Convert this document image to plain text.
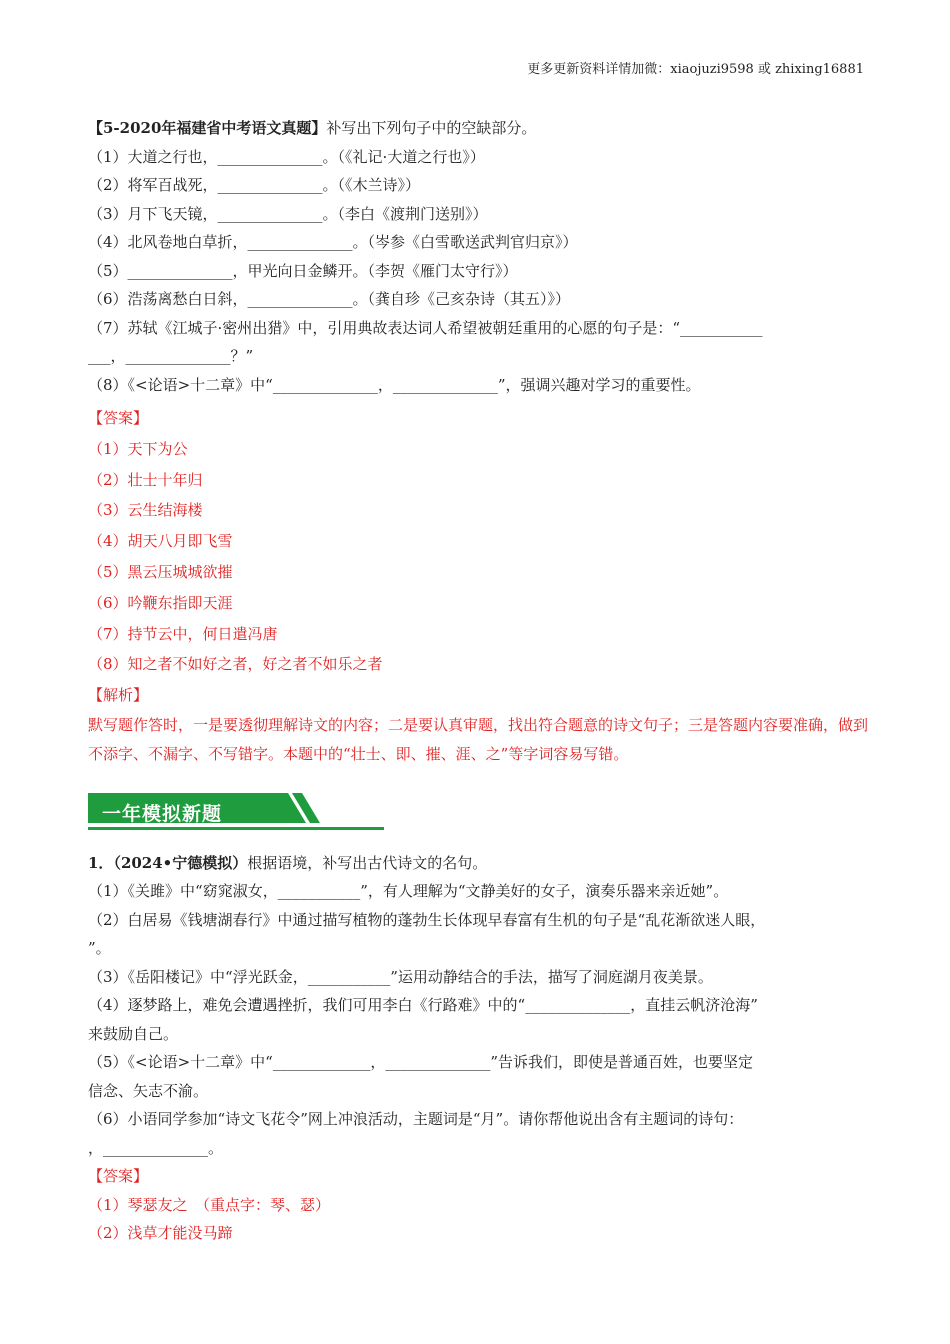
更多更新资料详情加微：xiaojuzi9598 或 zhixing16881

【5-2020年福建省中考语文真题】补写出下列句子中的空缺部分。

（1）大道之行也，______________。（《礼记·大道之行也》）

（2）将军百战死，______________。（《木兰诗》）

（3）月下飞天镜，______________。（李白《渡荆门送别》）

（4）北风卷地白草折，______________。（岑参《白雪歌送武判官归京》）

（5）______________，甲光向日金鳞开。（李贺《雁门太守行》）

（6）浩荡离愁白日斜，______________。（龚自珍《己亥杂诗（其五）》）

（7）苏轼《江城子·密州出猎》中，引用典故表达词人希望被朝廷重用的心愿的句子是：“___________

___，______________？”

（8）《<论语>十二章》中“______________，______________”，强调兴趣对学习的重要性。

【答案】

（1）天下为公

（2）壮士十年归

（3）云生结海楼

（4）胡天八月即飞雪

（5）黑云压城城欲摧

（6）吟鞭东指即天涯

（7）持节云中，何日遣冯唐

（8）知之者不如好之者，好之者不如乐之者

【解析】

默写题作答时，一是要透彻理解诗文的内容；二是要认真审题，找出符合题意的诗文句子；三是答题内容要准确，做到不添字、不漏字、不写错字。本题中的“壮士、即、摧、涯、之”等字词容易写错。

一年模拟新题

1．（2024•宁德模拟）根据语境，补写出古代诗文的名句。

（1）《关雎》中“窈窕淑女，___________”，有人理解为“文静美好的女子，演奏乐器来亲近她”。

（2）白居易《钱塘湖春行》中通过描写植物的蓬勃生长体现早春富有生机的句子是“乱花渐欲迷人眼，

”。

（3）《岳阳楼记》中“浮光跃金，___________”运用动静结合的手法，描写了洞庭湖月夜美景。

（4）逐梦路上，难免会遭遇挫折，我们可用李白《行路难》中的“______________，直挂云帆济沧海”

来鼓励自己。

（5）《<论语>十二章》中“_____________，______________”告诉我们，即使是普通百姓，也要坚定

信念、矢志不渝。

（6）小语同学参加“诗文飞花令”网上冲浪活动，主题词是“月”。请你帮他说出含有主题词的诗句：

，______________。

【答案】

（1）琴瑟友之　（重点字：琴、瑟）

（2）浅草才能没马蹄
